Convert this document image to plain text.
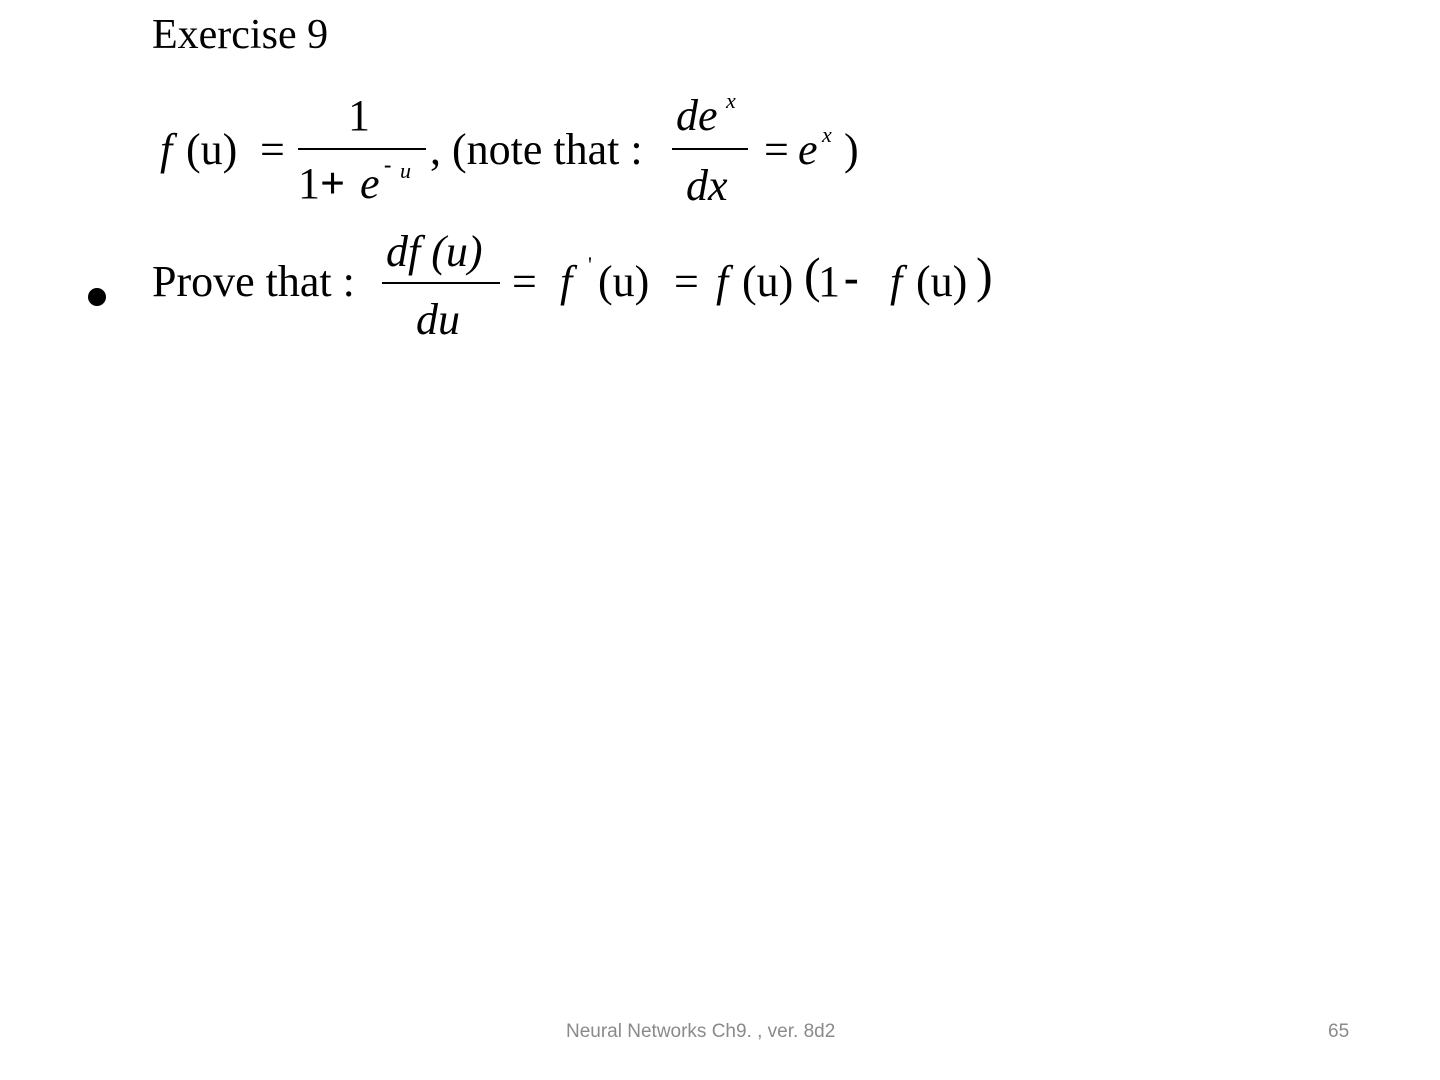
Exercise 9
f (u) =
1
1 + e - u , (note that :
d e x
dx
= e x )
Prove that :
df (u)
du
= f ' (u) = f (u) (
1 - f (u) )
Neural Networks Ch9. , ver. 8d2	65
